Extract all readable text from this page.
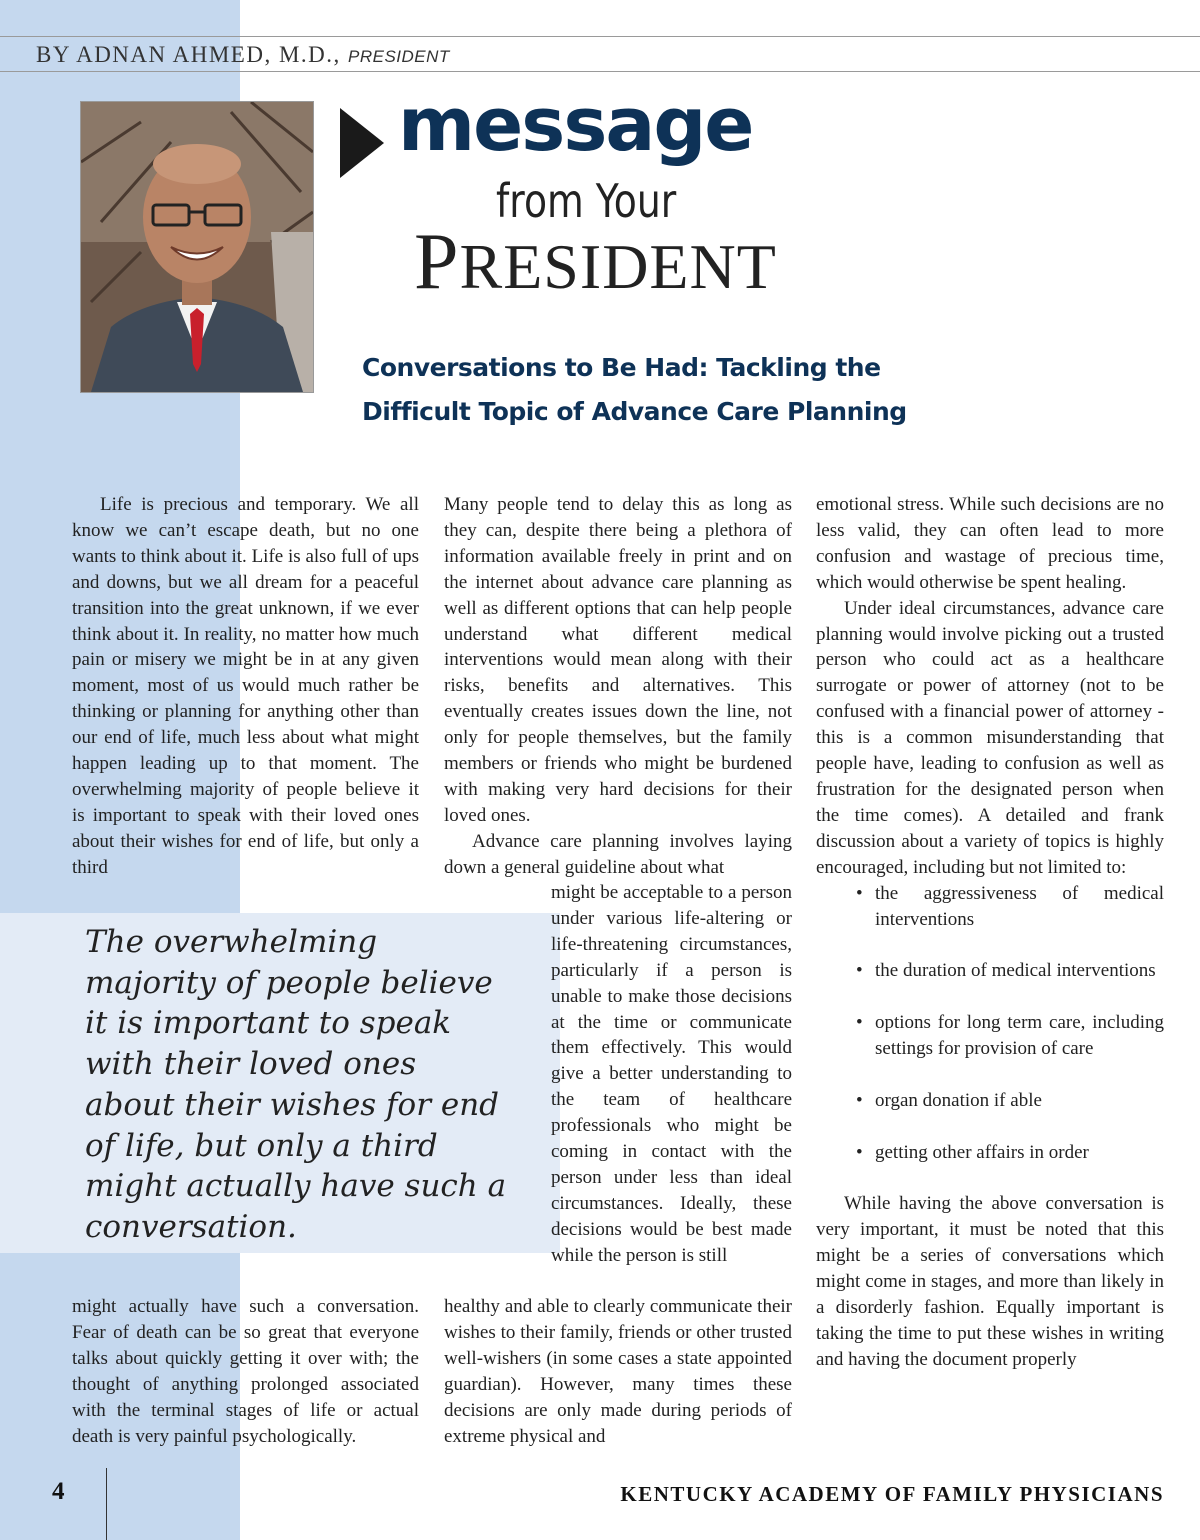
BY ADNAN AHMED, M.D., PRESIDENT
message
from Your
PRESIDENT
Conversations to Be Had: Tackling the
Difficult Topic of Advance Care Planning

Life is precious and temporary. We all know we can’t escape death, but no one wants to think about it. Life is also full of ups and downs, but we all dream for a peaceful transition into the great unknown, if we ever think about it. In reality, no matter how much pain or misery we might be in at any given moment, most of us would much rather be thinking or planning for anything other than our end of life, much less about what might happen leading up to that moment. The overwhelming majority of people believe it is important to speak with their loved ones about their wishes for end of life, but only a third

The overwhelming majority of people believe it is important to speak with their loved ones about their wishes for end of life, but only a third might actually have such a conversation.

might actually have such a conversation. Fear of death can be so great that everyone talks about quickly getting it over with; the thought of anything prolonged associated with the terminal stages of life or actual death is very painful psychologically.

Many people tend to delay this as long as they can, despite there being a plethora of information available freely in print and on the internet about advance care planning as well as different options that can help people understand what different medical interventions would mean along with their risks, benefits and alternatives. This eventually creates issues down the line, not only for people themselves, but the family members or friends who might be burdened with making very hard decisions for their loved ones.

Advance care planning involves laying down a general guideline about what

might be acceptable to a person under various life-altering or life-threatening circumstances, particularly if a person is unable to make those decisions at the time or communicate them effectively. This would give a better understanding to the team of healthcare professionals who might be coming in contact with the person under less than ideal circumstances. Ideally, these decisions would be best made while the person is still

healthy and able to clearly communicate their wishes to their family, friends or other trusted well-wishers (in some cases a state appointed guardian). However, many times these decisions are only made during periods of extreme physical and

emotional stress. While such decisions are no less valid, they can often lead to more confusion and wastage of precious time, which would otherwise be spent healing.

Under ideal circumstances, advance care planning would involve picking out a trusted person who could act as a healthcare surrogate or power of attorney (not to be confused with a financial power of attorney - this is a common misunderstanding that people have, leading to confusion as well as frustration for the designated person when the time comes). A detailed and frank discussion about a variety of topics is highly encouraged, including but not limited to:

• the aggressiveness of medical interventions
• the duration of medical interventions
• options for long term care, including settings for provision of care
• organ donation if able
• getting other affairs in order

While having the above conversation is very important, it must be noted that this might be a series of conversations which might come in stages, and more than likely in a disorderly fashion. Equally important is taking the time to put these wishes in writing and having the document properly

4	KENTUCKY ACADEMY OF FAMILY PHYSICIANS
